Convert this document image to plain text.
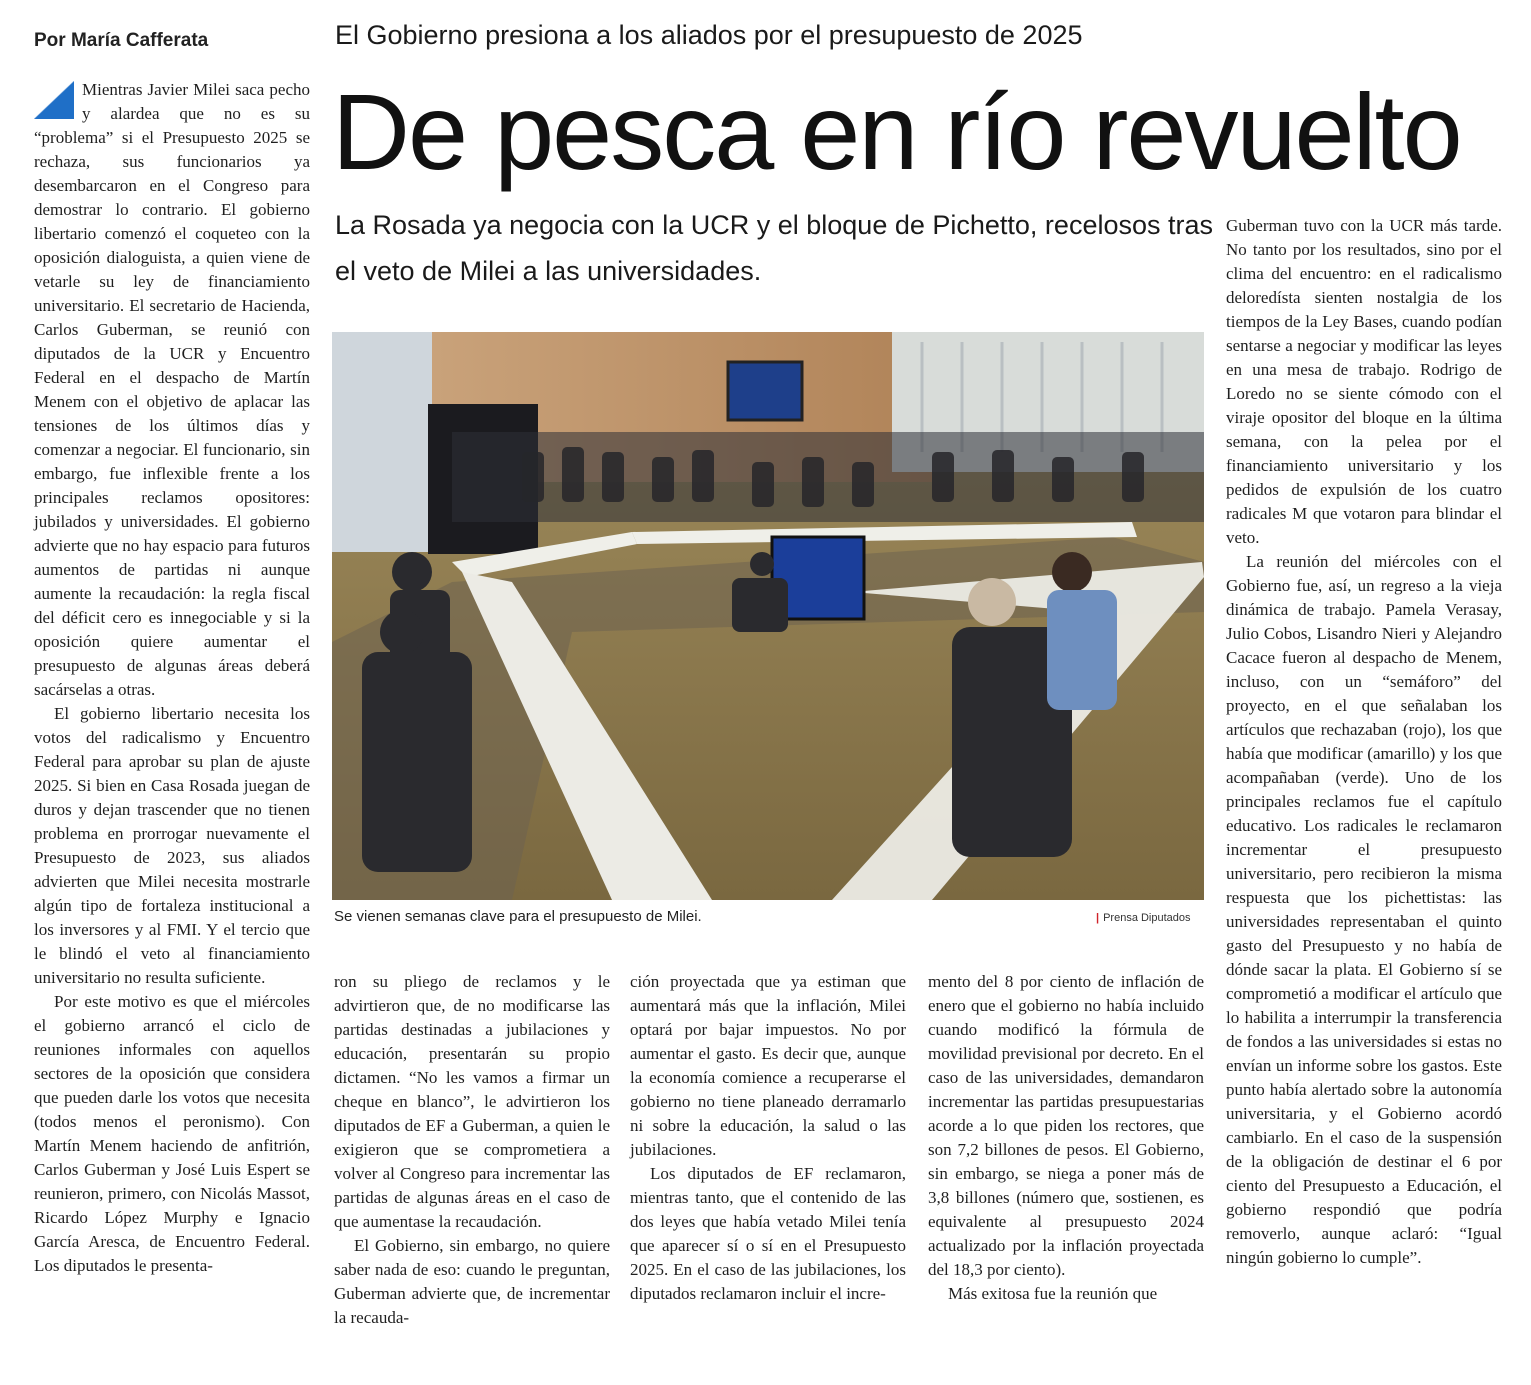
Por María Cafferata	El Gobierno presiona a los aliados por el presupuesto de 2025
De pesca en río revuelto
La Rosada ya negocia con la UCR y el bloque de Pichetto, recelosos tras el veto de Milei a las universidades.

Mientras Javier Milei saca pecho y alardea que no es su “problema” si el Presupuesto 2025 se rechaza, sus funcionarios ya desembarcaron en el Congreso para demostrar lo contrario. El gobierno libertario comenzó el coqueteo con la oposición dialoguista, a quien viene de vetarle su ley de financiamiento universitario. El secretario de Hacienda, Carlos Guberman, se reunió con diputados de la UCR y Encuentro Federal en el despacho de Martín Menem con el objetivo de aplacar las tensiones de los últimos días y comenzar a negociar. El funcionario, sin embargo, fue inflexible frente a los principales reclamos opositores: jubilados y universidades. El gobierno advierte que no hay espacio para futuros aumentos de partidas ni aunque aumente la recaudación: la regla fiscal del déficit cero es innegociable y si la oposición quiere aumentar el presupuesto de algunas áreas deberá sacárselas a otras.

El gobierno libertario necesita los votos del radicalismo y Encuentro Federal para aprobar su plan de ajuste 2025. Si bien en Casa Rosada juegan de duros y dejan trascender que no tienen problema en prorrogar nuevamente el Presupuesto de 2023, sus aliados advierten que Milei necesita mostrarle algún tipo de fortaleza institucional a los inversores y al FMI. Y el tercio que le blindó el veto al financiamiento universitario no resulta suficiente.

Por este motivo es que el miércoles el gobierno arrancó el ciclo de reuniones informales con aquellos sectores de la oposición que considera que pueden darle los votos que necesita (todos menos el peronismo). Con Martín Menem haciendo de anfitrión, Carlos Guberman y José Luis Espert se reunieron, primero, con Nicolás Massot, Ricardo López Murphy e Ignacio García Aresca, de Encuentro Federal. Los diputados le presenta-

Se vienen semanas clave para el presupuesto de Milei.	| Prensa Diputados

ron su pliego de reclamos y le advirtieron que, de no modificarse las partidas destinadas a jubilaciones y educación, presentarán su propio dictamen. “No les vamos a firmar un cheque en blanco”, le advirtieron los diputados de EF a Guberman, a quien le exigieron que se comprometiera a volver al Congreso para incrementar las partidas de algunas áreas en el caso de que aumentase la recaudación.

El Gobierno, sin embargo, no quiere saber nada de eso: cuando le preguntan, Guberman advierte que, de incrementar la recauda-

ción proyectada que ya estiman que aumentará más que la inflación, Milei optará por bajar impuestos. No por aumentar el gasto. Es decir que, aunque la economía comience a recuperarse el gobierno no tiene planeado derramarlo ni sobre la educación, la salud o las jubilaciones.

Los diputados de EF reclamaron, mientras tanto, que el contenido de las dos leyes que había vetado Milei tenía que aparecer sí o sí en el Presupuesto 2025. En el caso de las jubilaciones, los diputados reclamaron incluir el incre-

mento del 8 por ciento de inflación de enero que el gobierno no había incluido cuando modificó la fórmula de movilidad previsional por decreto. En el caso de las universidades, demandaron incrementar las partidas presupuestarias acorde a lo que piden los rectores, que son 7,2 billones de pesos. El Gobierno, sin embargo, se niega a poner más de 3,8 billones (número que, sostienen, es equivalente al presupuesto 2024 actualizado por la inflación proyectada del 18,3 por ciento).

Más exitosa fue la reunión que

Guberman tuvo con la UCR más tarde. No tanto por los resultados, sino por el clima del encuentro: en el radicalismo deloredísta sienten nostalgia de los tiempos de la Ley Bases, cuando podían sentarse a negociar y modificar las leyes en una mesa de trabajo. Rodrigo de Loredo no se siente cómodo con el viraje opositor del bloque en la última semana, con la pelea por el financiamiento universitario y los pedidos de expulsión de los cuatro radicales M que votaron para blindar el veto.

La reunión del miércoles con el Gobierno fue, así, un regreso a la vieja dinámica de trabajo. Pamela Verasay, Julio Cobos, Lisandro Nieri y Alejandro Cacace fueron al despacho de Menem, incluso, con un “semáforo” del proyecto, en el que señalaban los artículos que rechazaban (rojo), los que había que modificar (amarillo) y los que acompañaban (verde). Uno de los principales reclamos fue el capítulo educativo. Los radicales le reclamaron incrementar el presupuesto universitario, pero recibieron la misma respuesta que los pichettistas: las universidades representaban el quinto gasto del Presupuesto y no había de dónde sacar la plata. El Gobierno sí se comprometió a modificar el artículo que lo habilita a interrumpir la transferencia de fondos a las universidades si estas no envían un informe sobre los gastos. Este punto había alertado sobre la autonomía universitaria, y el Gobierno acordó cambiarlo. En el caso de la suspensión de la obligación de destinar el 6 por ciento del Presupuesto a Educación, el gobierno respondió que podría removerlo, aunque aclaró: “Igual ningún gobierno lo cumple”.
